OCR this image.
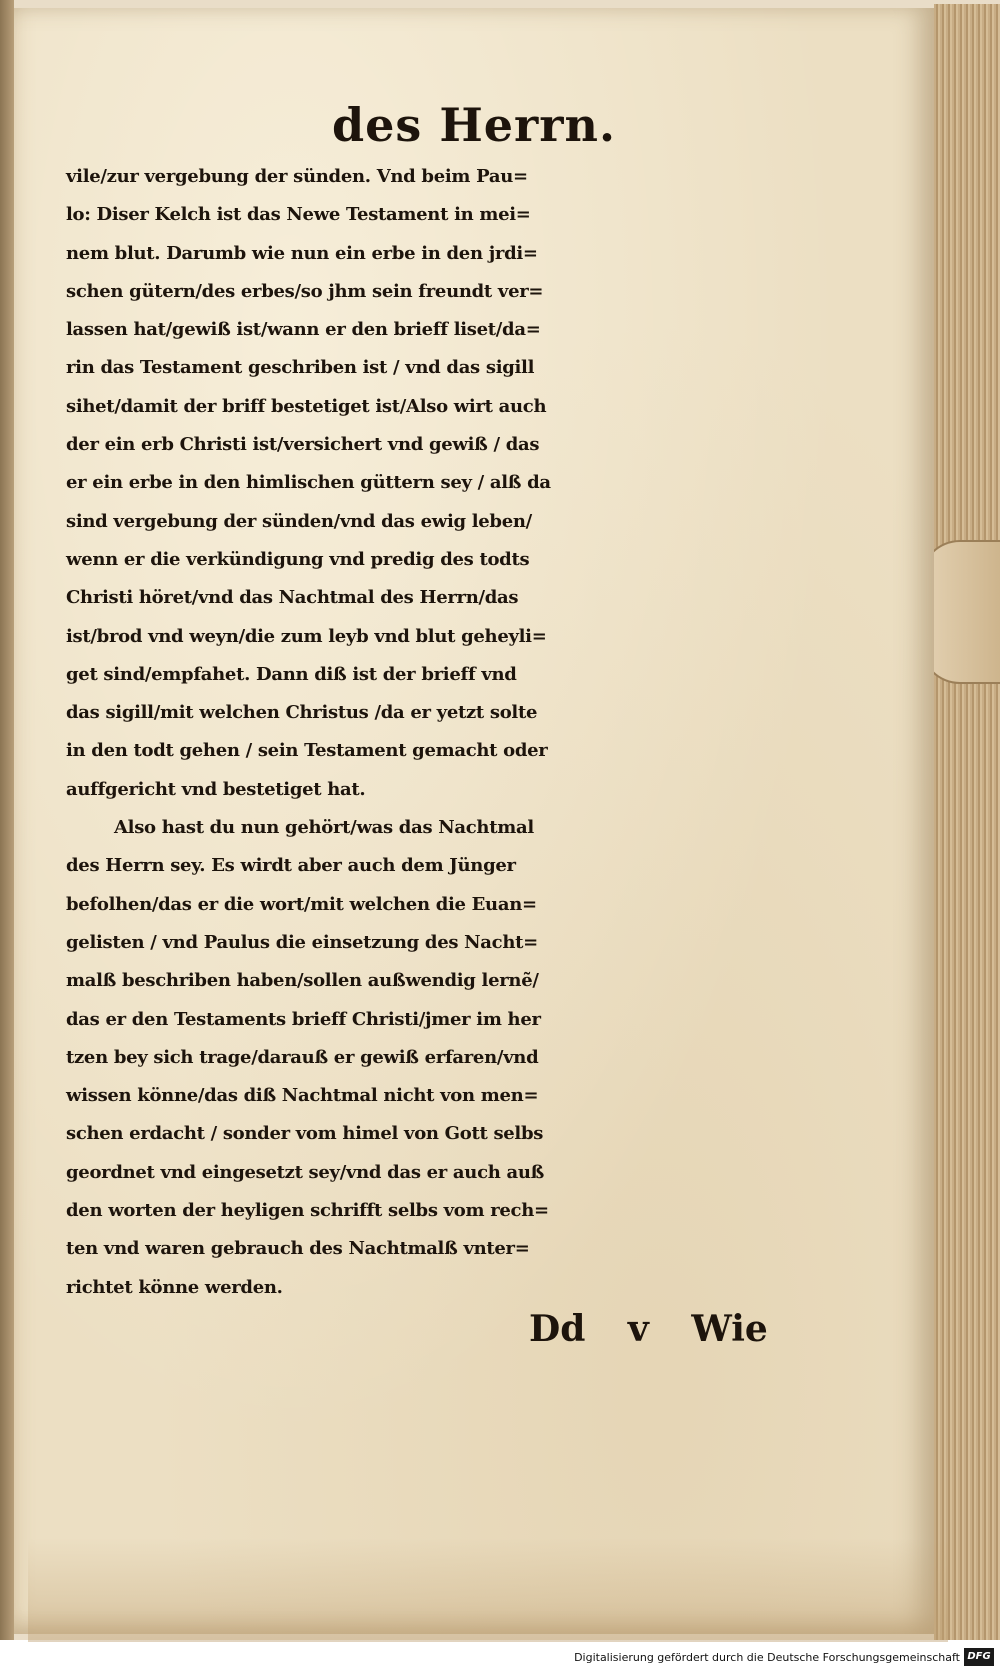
des Herrn.
vile/zur vergebung der sünden. Vnd beim Pau=
lo: Diser Kelch ist das Newe Testament in mei=
nem blut. Darumb wie nun ein erbe in den jrdi=
schen gütern/des erbes/so jhm sein freundt ver=
lassen hat/gewiß ist/wann er den brieff liset/da=
rin das Testament geschriben ist / vnd das sigill
sihet/damit der briff bestetiget ist/Also wirt auch
der ein erb Christi ist/versichert vnd gewiß / das
er ein erbe in den himlischen güttern sey / alß da
sind vergebung der sünden/vnd das ewig leben/
wenn er die verkündigung vnd predig des todts
Christi höret/vnd das Nachtmal des Herrn/das
ist/brod vnd weyn/die zum leyb vnd blut geheyli=
get sind/empfahet. Dann diß ist der brieff vnd
das sigill/mit welchen Christus /da er yetzt solte
in den todt gehen / sein Testament gemacht oder
auffgericht vnd bestetiget hat.
Also hast du nun gehört/was das Nachtmal
des Herrn sey. Es wirdt aber auch dem Jünger
befolhen/das er die wort/mit welchen die Euan=
gelisten / vnd Paulus die einsetzung des Nacht=
malß beschriben haben/sollen außwendig lernẽ/
das er den Testaments brieff Christi/jmer im her
tzen bey sich trage/darauß er gewiß erfaren/vnd
wissen könne/das diß Nachtmal nicht von men=
schen erdacht / sonder vom himel von Gott selbs
geordnet vnd eingesetzt sey/vnd das er auch auß
den worten der heyligen schrifft selbs vom rech=
ten vnd waren gebrauch des Nachtmalß vnter=
richtet könne werden.
Dd v Wie
Digitalisierung gefördert durch die Deutsche Forschungsgemeinschaft DFG
